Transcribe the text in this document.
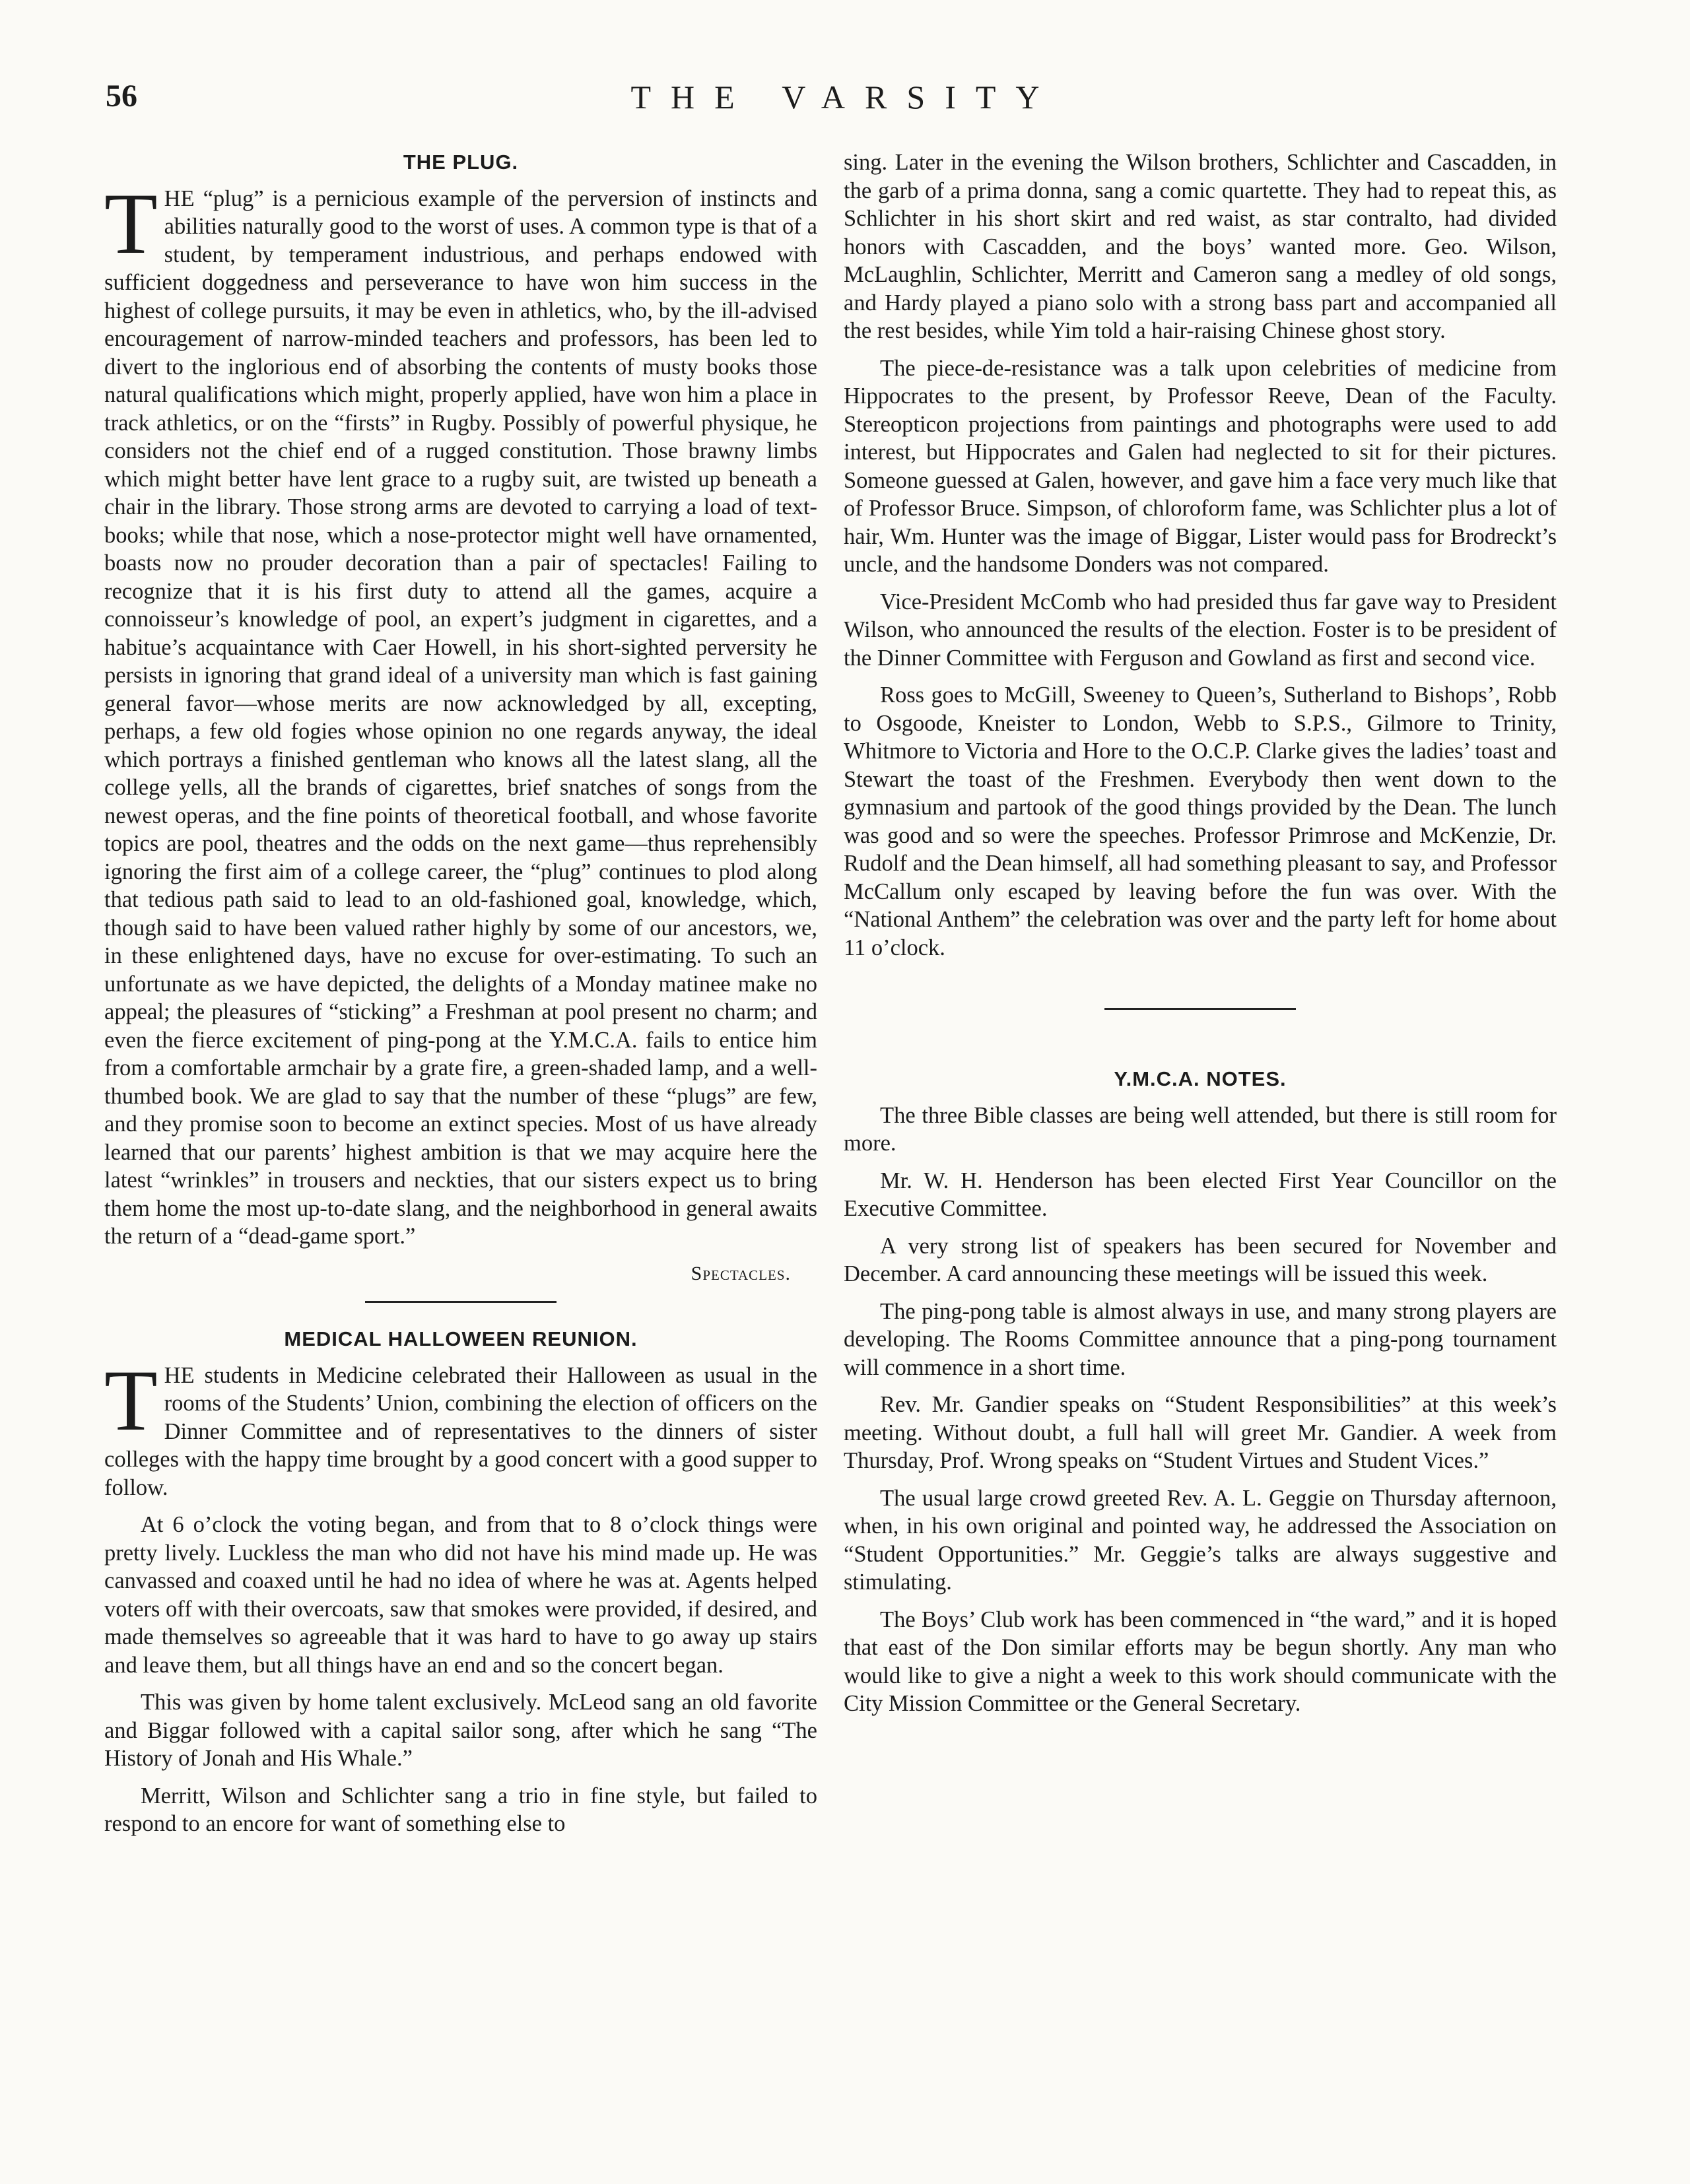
56	THE VARSITY
THE PLUG.

THE “plug” is a pernicious example of the perversion of instincts and abilities naturally good to the worst of uses. A common type is that of a student, by temperament industrious, and perhaps endowed with sufficient doggedness and perseverance to have won him success in the highest of college pursuits, it may be even in athletics, who, by the ill-advised encouragement of narrow-minded teachers and professors, has been led to divert to the inglorious end of absorbing the contents of musty books those natural qualifications which might, properly applied, have won him a place in track athletics, or on the “firsts” in Rugby. Possibly of powerful physique, he considers not the chief end of a rugged constitution. Those brawny limbs which might better have lent grace to a rugby suit, are twisted up beneath a chair in the library. Those strong arms are devoted to carrying a load of text-books; while that nose, which a nose-protector might well have ornamented, boasts now no prouder decoration than a pair of spectacles! Failing to recognize that it is his first duty to attend all the games, acquire a connoisseur’s knowledge of pool, an expert’s judgment in cigarettes, and a habitue’s acquaintance with Caer Howell, in his short-sighted perversity he persists in ignoring that grand ideal of a university man which is fast gaining general favor—whose merits are now acknowledged by all, excepting, perhaps, a few old fogies whose opinion no one regards anyway, the ideal which portrays a finished gentleman who knows all the latest slang, all the college yells, all the brands of cigarettes, brief snatches of songs from the newest operas, and the fine points of theoretical football, and whose favorite topics are pool, theatres and the odds on the next game—thus reprehensibly ignoring the first aim of a college career, the “plug” continues to plod along that tedious path said to lead to an old-fashioned goal, knowledge, which, though said to have been valued rather highly by some of our ancestors, we, in these enlightened days, have no excuse for over-estimating. To such an unfortunate as we have depicted, the delights of a Monday matinee make no appeal; the pleasures of “sticking” a Freshman at pool present no charm; and even the fierce excitement of ping-pong at the Y.M.C.A. fails to entice him from a comfortable armchair by a grate fire, a green-shaded lamp, and a well-thumbed book. We are glad to say that the number of these “plugs” are few, and they promise soon to become an extinct species. Most of us have already learned that our parents’ highest ambition is that we may acquire here the latest “wrinkles” in trousers and neckties, that our sisters expect us to bring them home the most up-to-date slang, and the neighborhood in general awaits the return of a “dead-game sport.”

Spectacles.
MEDICAL HALLOWEEN REUNION.

THE students in Medicine celebrated their Halloween as usual in the rooms of the Students’ Union, combining the election of officers on the Dinner Committee and of representatives to the dinners of sister colleges with the happy time brought by a good concert with a good supper to follow.

At 6 o’clock the voting began, and from that to 8 o’clock things were pretty lively. Luckless the man who did not have his mind made up. He was canvassed and coaxed until he had no idea of where he was at. Agents helped voters off with their overcoats, saw that smokes were provided, if desired, and made themselves so agreeable that it was hard to have to go away up stairs and leave them, but all things have an end and so the concert began.

This was given by home talent exclusively. McLeod sang an old favorite and Biggar followed with a capital sailor song, after which he sang “The History of Jonah and His Whale.”

Merritt, Wilson and Schlichter sang a trio in fine style, but failed to respond to an encore for want of something else to

sing. Later in the evening the Wilson brothers, Schlichter and Cascadden, in the garb of a prima donna, sang a comic quartette. They had to repeat this, as Schlichter in his short skirt and red waist, as star contralto, had divided honors with Cascadden, and the boys’ wanted more. Geo. Wilson, McLaughlin, Schlichter, Merritt and Cameron sang a medley of old songs, and Hardy played a piano solo with a strong bass part and accompanied all the rest besides, while Yim told a hair-raising Chinese ghost story.

The piece-de-resistance was a talk upon celebrities of medicine from Hippocrates to the present, by Professor Reeve, Dean of the Faculty. Stereopticon projections from paintings and photographs were used to add interest, but Hippocrates and Galen had neglected to sit for their pictures. Someone guessed at Galen, however, and gave him a face very much like that of Professor Bruce. Simpson, of chloroform fame, was Schlichter plus a lot of hair, Wm. Hunter was the image of Biggar, Lister would pass for Brodreckt’s uncle, and the handsome Donders was not compared.

Vice-President McComb who had presided thus far gave way to President Wilson, who announced the results of the election. Foster is to be president of the Dinner Committee with Ferguson and Gowland as first and second vice.

Ross goes to McGill, Sweeney to Queen’s, Sutherland to Bishops’, Robb to Osgoode, Kneister to London, Webb to S.P.S., Gilmore to Trinity, Whitmore to Victoria and Hore to the O.C.P. Clarke gives the ladies’ toast and Stewart the toast of the Freshmen. Everybody then went down to the gymnasium and partook of the good things provided by the Dean. The lunch was good and so were the speeches. Professor Primrose and McKenzie, Dr. Rudolf and the Dean himself, all had something pleasant to say, and Professor McCallum only escaped by leaving before the fun was over. With the “National Anthem” the celebration was over and the party left for home about 11 o’clock.

Y.M.C.A. NOTES.

The three Bible classes are being well attended, but there is still room for more.

Mr. W. H. Henderson has been elected First Year Councillor on the Executive Committee.

A very strong list of speakers has been secured for November and December. A card announcing these meetings will be issued this week.

The ping-pong table is almost always in use, and many strong players are developing. The Rooms Committee announce that a ping-pong tournament will commence in a short time.

Rev. Mr. Gandier speaks on “Student Responsibilities” at this week’s meeting. Without doubt, a full hall will greet Mr. Gandier. A week from Thursday, Prof. Wrong speaks on “Student Virtues and Student Vices.”

The usual large crowd greeted Rev. A. L. Geggie on Thursday afternoon, when, in his own original and pointed way, he addressed the Association on “Student Opportunities.” Mr. Geggie’s talks are always suggestive and stimulating.

The Boys’ Club work has been commenced in “the ward,” and it is hoped that east of the Don similar efforts may be begun shortly. Any man who would like to give a night a week to this work should communicate with the City Mission Committee or the General Secretary.
